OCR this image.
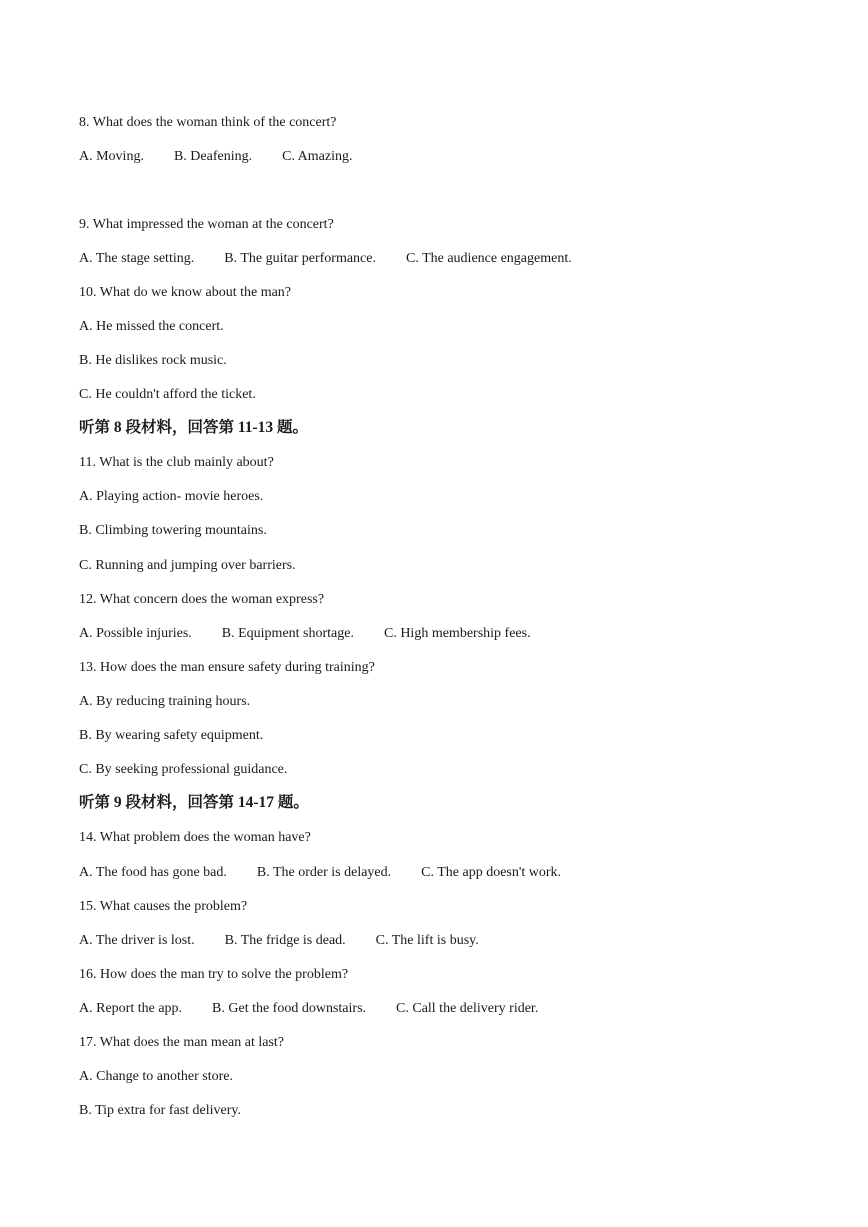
8. What does the woman think of the concert?
A. Moving. B. Deafening. C. Amazing.
9. What impressed the woman at the concert?
A. The stage setting. B. The guitar performance. C. The audience engagement.
10. What do we know about the man?
A. He missed the concert.
B. He dislikes rock music.
C. He couldn't afford the ticket.
听第 8 段材料，回答第 11-13 题。
11. What is the club mainly about?
A. Playing action- movie heroes.
B. Climbing towering mountains.
C. Running and jumping over barriers.
12. What concern does the woman express?
A. Possible injuries. B. Equipment shortage. C. High membership fees.
13. How does the man ensure safety during training?
A. By reducing training hours.
B. By wearing safety equipment.
C. By seeking professional guidance.
听第 9 段材料，回答第 14-17 题。
14. What problem does the woman have?
A. The food has gone bad. B. The order is delayed. C. The app doesn't work.
15. What causes the problem?
A. The driver is lost. B. The fridge is dead. C. The lift is busy.
16. How does the man try to solve the problem?
A. Report the app. B. Get the food downstairs. C. Call the delivery rider.
17. What does the man mean at last?
A. Change to another store.
B. Tip extra for fast delivery.
